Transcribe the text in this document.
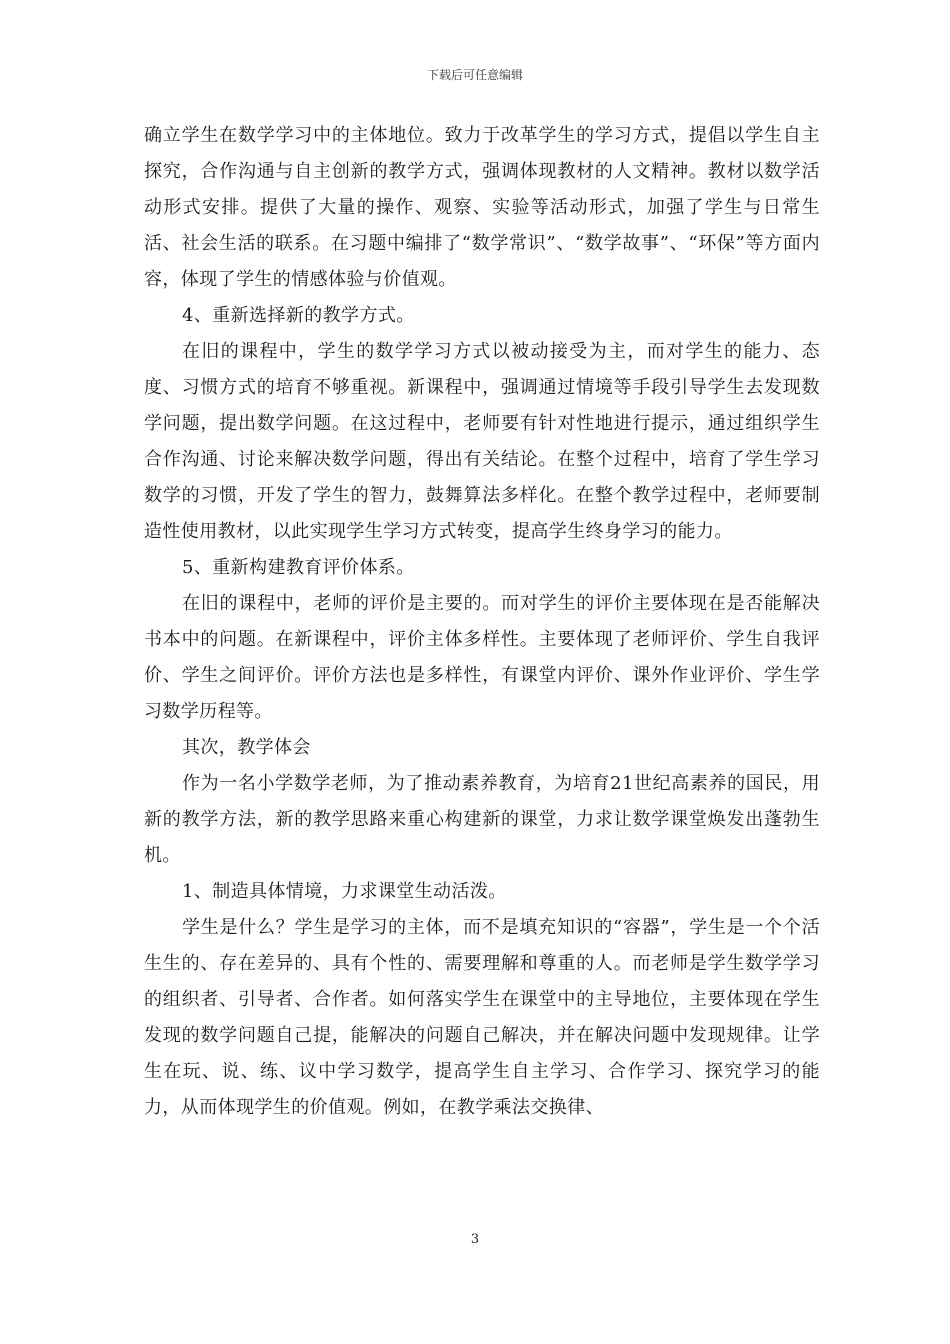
下载后可任意编辑

确立学生在数学学习中的主体地位。致力于改革学生的学习方式，提倡以学生自主探究，合作沟通与自主创新的教学方式，强调体现教材的人文精神。教材以数学活动形式安排。提供了大量的操作、观察、实验等活动形式，加强了学生与日常生活、社会生活的联系。在习题中编排了“数学常识”、“数学故事”、“环保”等方面内容，体现了学生的情感体验与价值观。

4、重新选择新的教学方式。

在旧的课程中，学生的数学学习方式以被动接受为主，而对学生的能力、态度、习惯方式的培育不够重视。新课程中，强调通过情境等手段引导学生去发现数学问题，提出数学问题。在这过程中，老师要有针对性地进行提示，通过组织学生合作沟通、讨论来解决数学问题，得出有关结论。在整个过程中，培育了学生学习数学的习惯，开发了学生的智力，鼓舞算法多样化。在整个教学过程中，老师要制造性使用教材，以此实现学生学习方式转变，提高学生终身学习的能力。

5、重新构建教育评价体系。

在旧的课程中，老师的评价是主要的。而对学生的评价主要体现在是否能解决书本中的问题。在新课程中，评价主体多样性。主要体现了老师评价、学生自我评价、学生之间评价。评价方法也是多样性，有课堂内评价、课外作业评价、学生学习数学历程等。

其次，教学体会

作为一名小学数学老师，为了推动素养教育，为培育21世纪高素养的国民，用新的教学方法，新的教学思路来重心构建新的课堂，力求让数学课堂焕发出蓬勃生机。

1、制造具体情境，力求课堂生动活泼。

学生是什么？学生是学习的主体，而不是填充知识的“容器”，学生是一个个活生生的、存在差异的、具有个性的、需要理解和尊重的人。而老师是学生数学学习的组织者、引导者、合作者。如何落实学生在课堂中的主导地位，主要体现在学生发现的数学问题自己提，能解决的问题自己解决，并在解决问题中发现规律。让学生在玩、说、练、议中学习数学，提高学生自主学习、合作学习、探究学习的能力，从而体现学生的价值观。例如，在教学乘法交换律、

3
